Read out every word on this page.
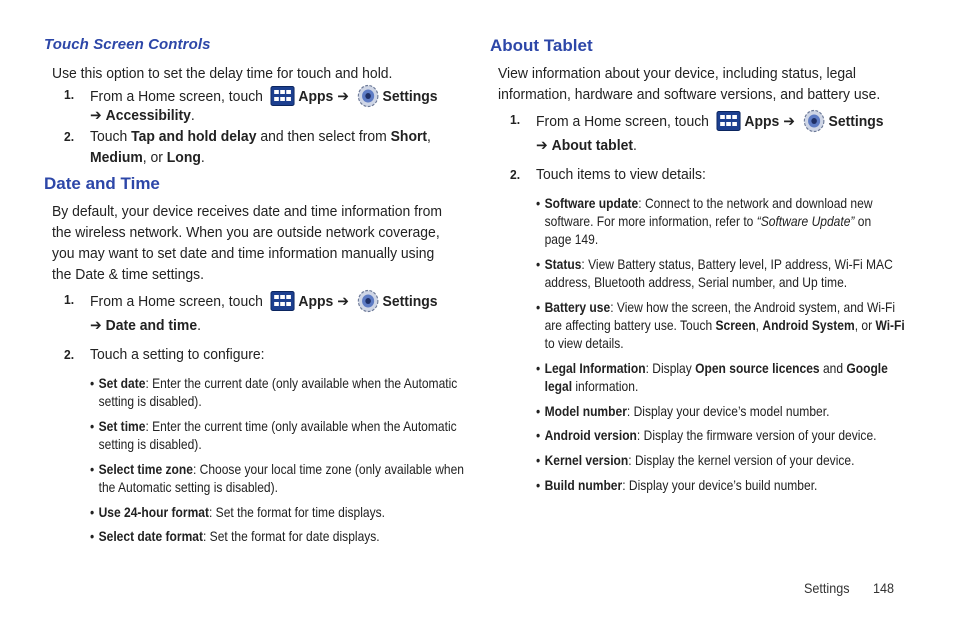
Touch Screen Controls
Use this option to set the delay time for touch and hold.
1. From a Home screen, touch Apps ➔ Settings
➔ Accessibility.
2. Touch Tap and hold delay and then select from Short,
Medium, or Long.
Date and Time
By default, your device receives date and time information from
the wireless network. When you are outside network coverage,
you may want to set date and time information manually using
the Date & time settings.
1. From a Home screen, touch Apps ➔ Settings
➔ Date and time.
2. Touch a setting to configure:
• Set date: Enter the current date (only available when the Automatic
setting is disabled).
• Set time: Enter the current time (only available when the Automatic
setting is disabled).
• Select time zone: Choose your local time zone (only available when
the Automatic setting is disabled).
• Use 24-hour format: Set the format for time displays.
• Select date format: Set the format for date displays.
About Tablet
View information about your device, including status, legal
information, hardware and software versions, and battery use.
1. From a Home screen, touch Apps ➔ Settings
➔ About tablet.
2. Touch items to view details:
• Software update: Connect to the network and download new
software. For more information, refer to “Software Update” on
page 149.
• Status: View Battery status, Battery level, IP address, Wi-Fi MAC
address, Bluetooth address, Serial number, and Up time.
• Battery use: View how the screen, the Android system, and Wi-Fi
are affecting battery use. Touch Screen, Android System, or Wi-Fi
to view details.
• Legal Information: Display Open source licences and Google
legal information.
• Model number: Display your device’s model number.
• Android version: Display the firmware version of your device.
• Kernel version: Display the kernel version of your device.
• Build number: Display your device’s build number.
Settings 148
